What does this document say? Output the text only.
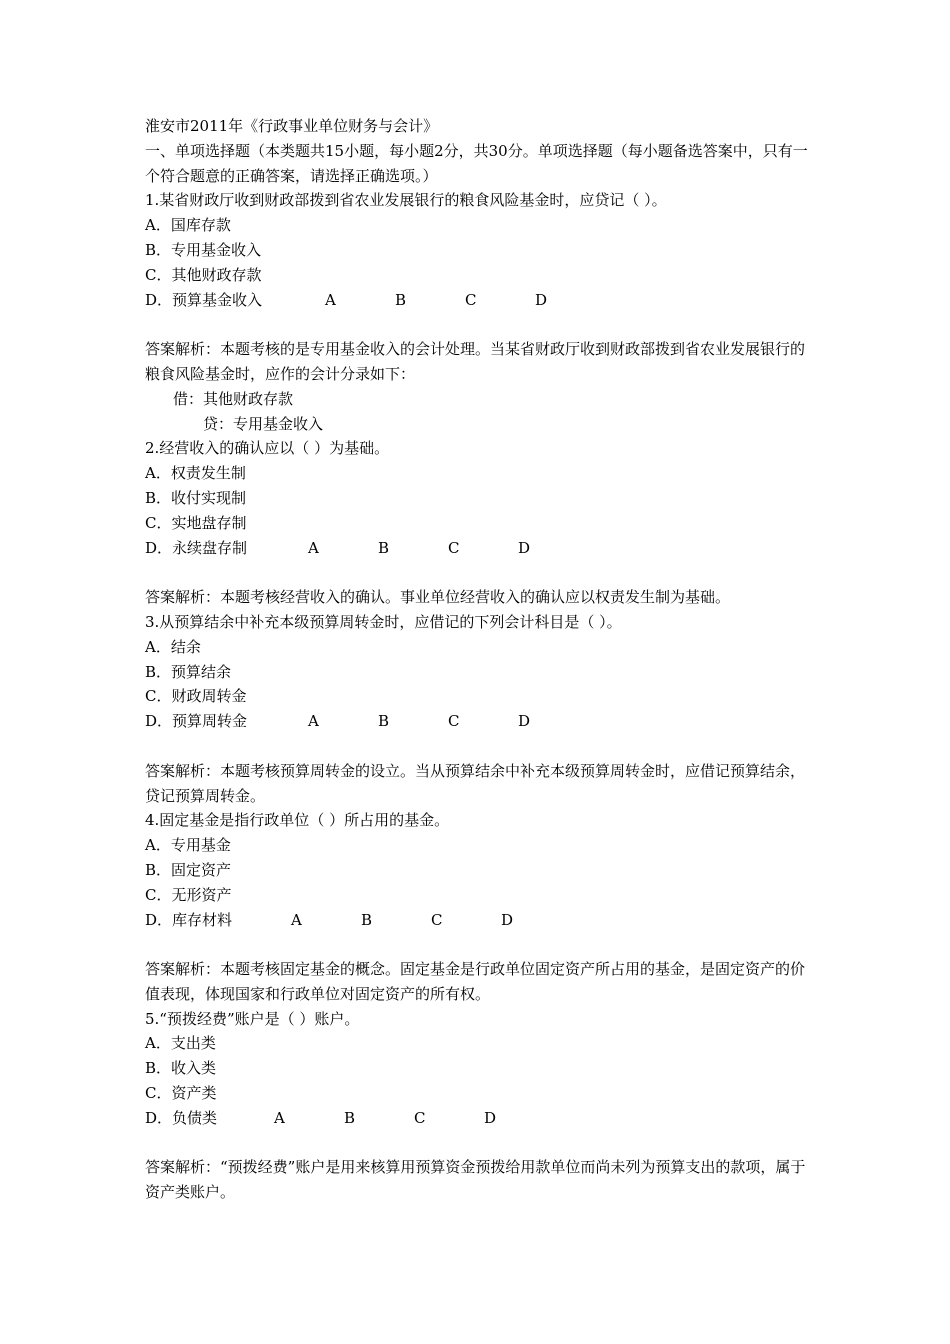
淮安市2011年《行政事业单位财务与会计》

一、单项选择题（本类题共15小题，每小题2分，共30分。单项选择题（每小题备选答案中，只有一个符合题意的正确答案，请选择正确选项。）

1.某省财政厅收到财政部拨到省农业发展银行的粮食风险基金时，应贷记（ ）。

A．国库存款

B．专用基金收入

C．其他财政存款

D．预算基金收入	A	B	C	D

答案解析：本题考核的是专用基金收入的会计处理。当某省财政厅收到财政部拨到省农业发展银行的粮食风险基金时，应作的会计分录如下：

借：其他财政存款

贷：专用基金收入

2.经营收入的确认应以（ ）为基础。

A．权责发生制

B．收付实现制

C．实地盘存制

D．永续盘存制	A	B	C	D

答案解析：本题考核经营收入的确认。事业单位经营收入的确认应以权责发生制为基础。

3.从预算结余中补充本级预算周转金时，应借记的下列会计科目是（ ）。

A．结余

B．预算结余

C．财政周转金

D．预算周转金	A	B	C	D

答案解析：本题考核预算周转金的设立。当从预算结余中补充本级预算周转金时，应借记预算结余，贷记预算周转金。

4.固定基金是指行政单位（ ）所占用的基金。

A．专用基金

B．固定资产

C．无形资产

D．库存材料	A	B	C	D

答案解析：本题考核固定基金的概念。固定基金是行政单位固定资产所占用的基金，是固定资产的价值表现，体现国家和行政单位对固定资产的所有权。

5.“预拨经费”账户是（ ）账户。

A．支出类

B．收入类

C．资产类

D．负债类	A	B	C	D

答案解析：“预拨经费”账户是用来核算用预算资金预拨给用款单位而尚未列为预算支出的款项，属于资产类账户。
